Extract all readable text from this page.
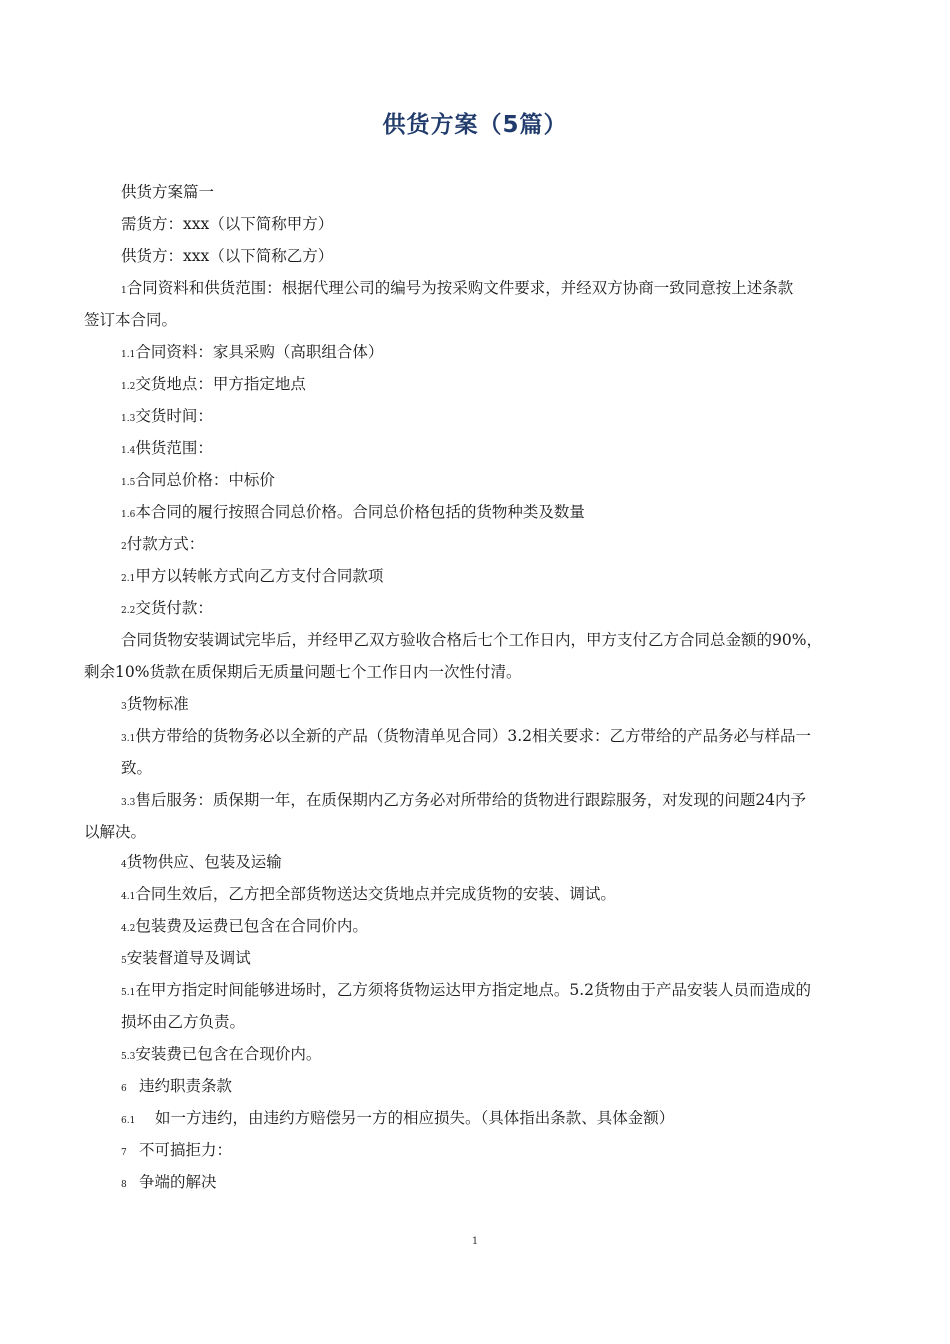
供货方案（5篇）
供货方案篇一
需货方：xxx（以下简称甲方）
供货方：xxx（以下简称乙方）
1合同资料和供货范围：根据代理公司的编号为按采购文件要求，并经双方协商一致同意按上述条款
签订本合同。
1.1合同资料：家具采购（高职组合体）
1.2交货地点：甲方指定地点
1.3交货时间：
1.4供货范围：
1.5合同总价格：中标价
1.6本合同的履行按照合同总价格。合同总价格包括的货物种类及数量
2付款方式：
2.1甲方以转帐方式向乙方支付合同款项
2.2交货付款：
合同货物安装调试完毕后，并经甲乙双方验收合格后七个工作日内，甲方支付乙方合同总金额的90%，
剩余10%货款在质保期后无质量问题七个工作日内一次性付清。
3货物标准
3.1供方带给的货物务必以全新的产品（货物清单见合同）3.2相关要求：乙方带给的产品务必与样品一
致。
3.3售后服务：质保期一年，在质保期内乙方务必对所带给的货物进行跟踪服务，对发现的问题24内予
以解决。
4货物供应、包装及运输
4.1合同生效后，乙方把全部货物送达交货地点并完成货物的安装、调试。
4.2包装费及运费已包含在合同价内。
5安装督道导及调试
5.1在甲方指定时间能够进场时，乙方须将货物运达甲方指定地点。5.2货物由于产品安装人员而造成的
损坏由乙方负责。
5.3安装费已包含在合现价内。
6 违约职责条款
6.1 如一方违约，由违约方赔偿另一方的相应损失。（具体指出条款、具体金额）
7 不可搞拒力：
8 争端的解决
1
